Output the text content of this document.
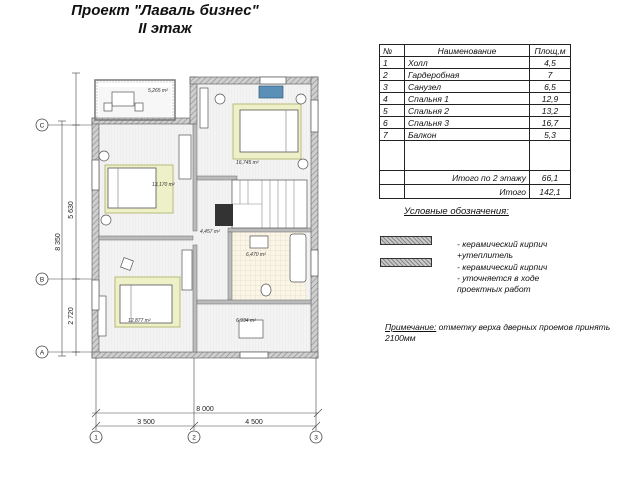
Проект "Лаваль бизнес"
II этаж
5,265 m²
16,745 m²
13,170 m²
4,457 m²
6,470 m²
12,877 m²	6,934 m²
C
B
A
1	2	3
8 000
3 500	4 500
5 630
8 350
2 720
№	Наименование	Площ,м
1	Холл	4,5
2	Гардеробная	7
3	Санузел	6,5
4	Спальня 1	12,9
5	Спальня 2	13,2
6	Спальня 3	16,7
7	Балкон	5,3

	Итого по 2 этажу	66,1
	Итого	142,1
Условные обозначения:
- керамический кирпич
+утеплитель
- керамический кирпич
- уточняется в ходе
проектных работ
Примечание: отметку верха дверных проемов принять 2100мм
